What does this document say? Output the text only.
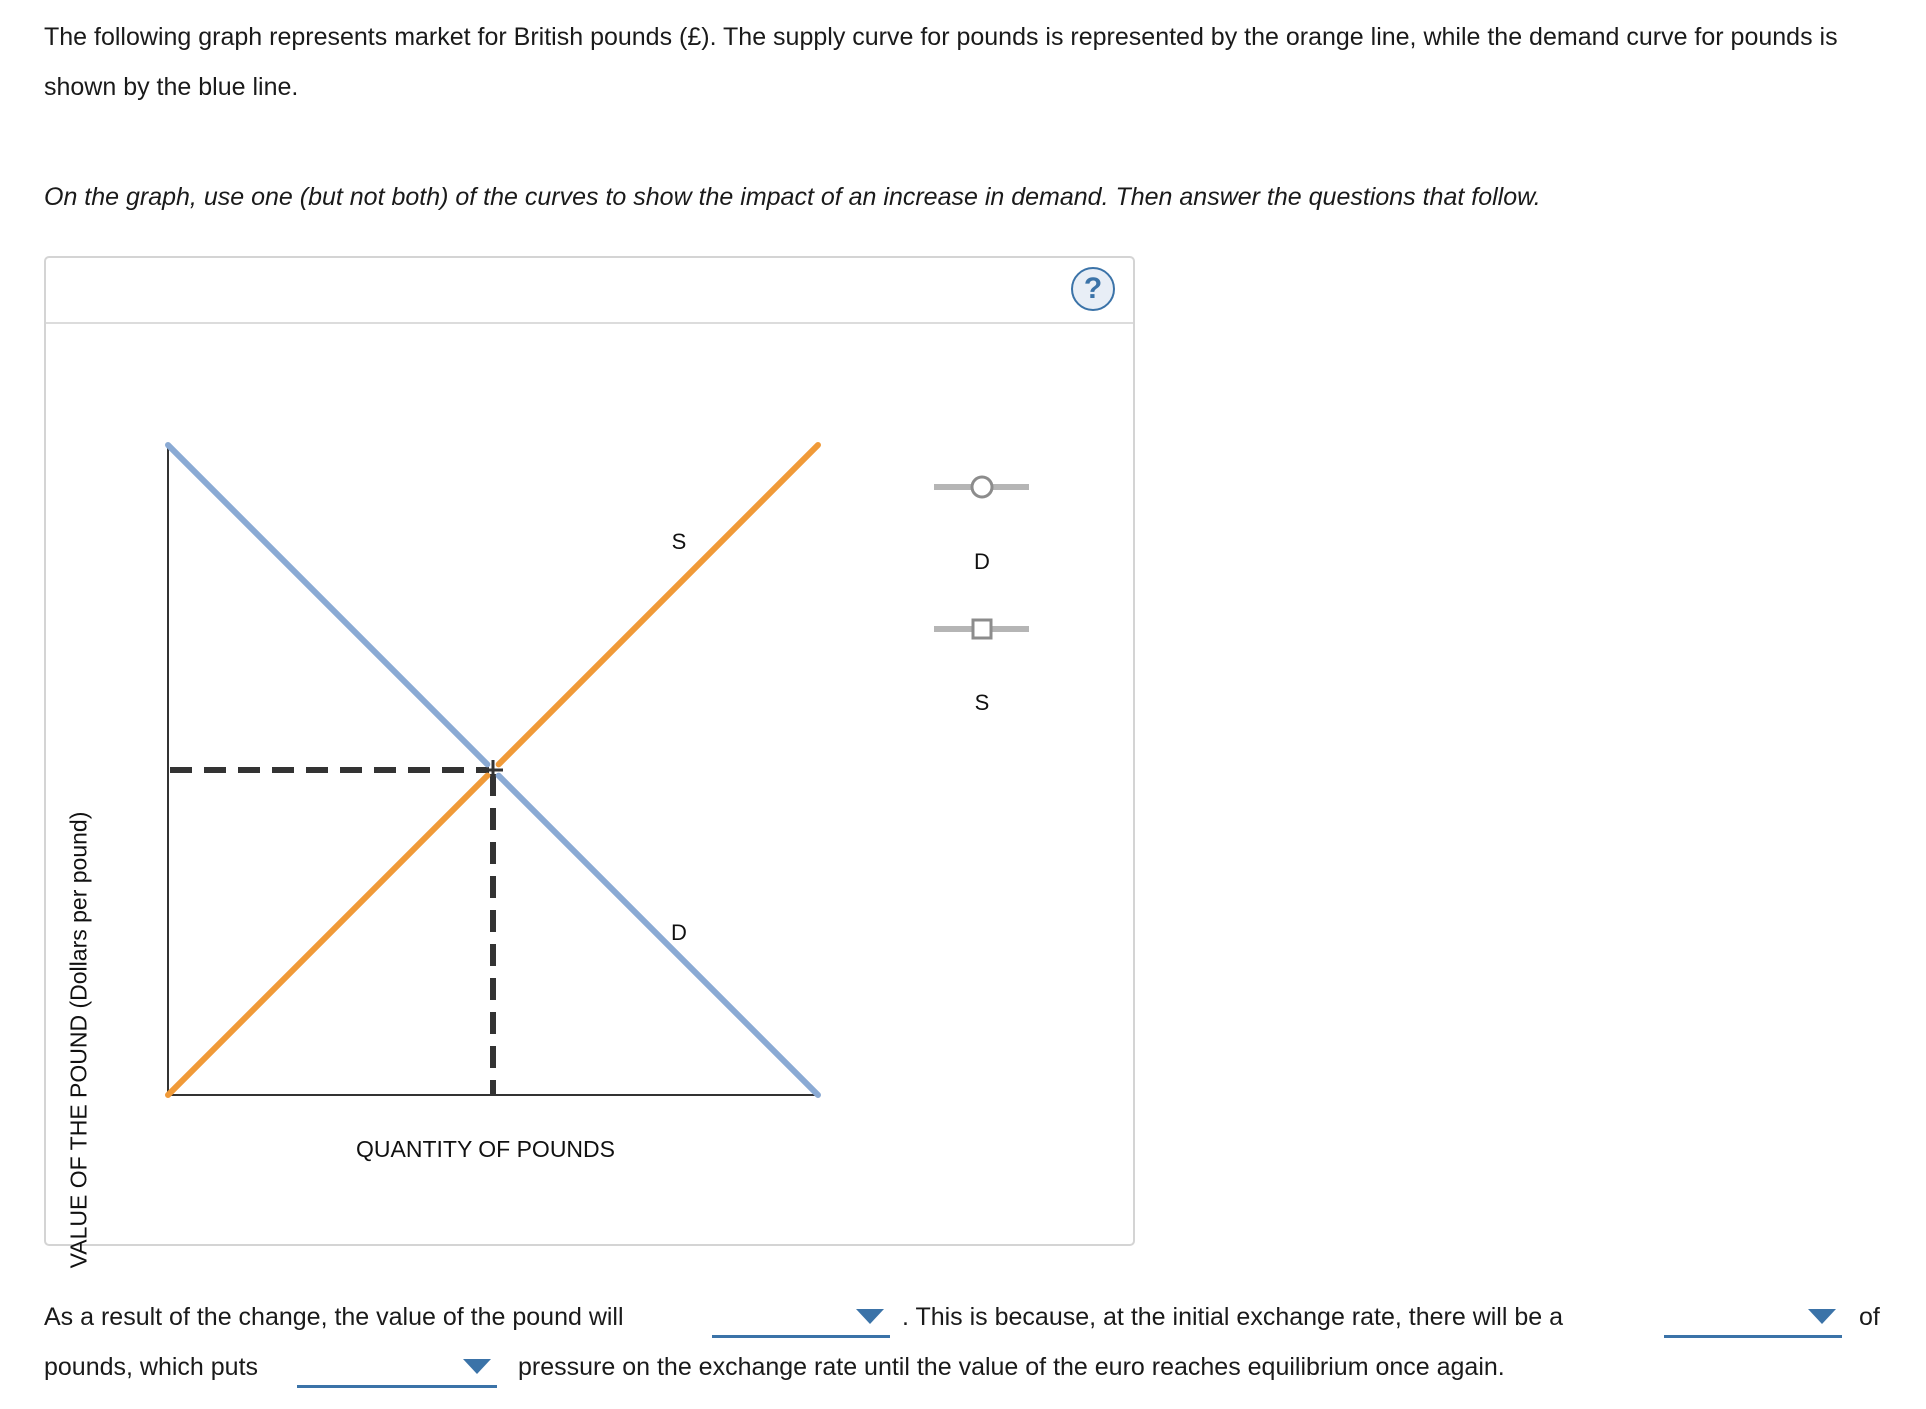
The following graph represents market for British pounds (£). The supply curve for pounds is represented by the orange line, while the demand curve for pounds is shown by the blue line.

On the graph, use one (but not both) of the curves to show the impact of an increase in demand. Then answer the questions that follow.

?
S
D
D
S
VALUE OF THE POUND (Dollars per pound)	QUANTITY OF POUNDS
As a result of the change, the value of the pound will	. This is because, at the initial exchange rate, there will be a	of
pounds, which puts	pressure on the exchange rate until the value of the euro reaches equilibrium once again.
